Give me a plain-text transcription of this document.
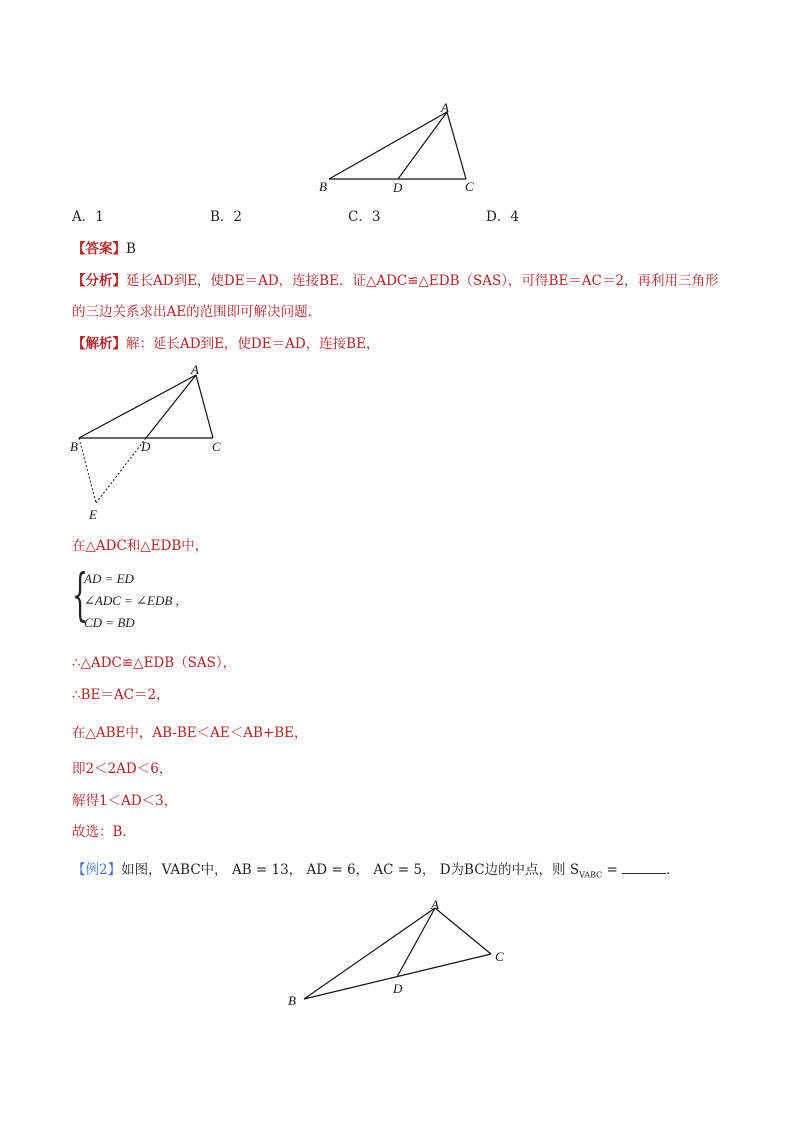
A
B	D	C
A．1	B．2	C．3	D．4
【答案】B
【分析】延长AD到E，使DE＝AD，连接BE．证△ADC≌△EDB（SAS），可得BE＝AC＝2，再利用三角形
的三边关系求出AE的范围即可解决问题．
【解析】解：延长AD到E，使DE＝AD，连接BE，
A
B	D	C
E
在△ADC和△EDB中，
{
AD = ED
∠ADC = ∠EDB ,
CD = BD
∴△ADC≌△EDB（SAS），
∴BE＝AC＝2，
在△ABE中，AB-BE＜AE＜AB+BE，
即2＜2AD＜6，
解得1＜AD＜3，
故选：B．
【例2】如图，VABC中， AB = 13， AD = 6， AC = 5， D为BC边的中点，则 $S_{VABC}$ =	．
A
B
D
C
